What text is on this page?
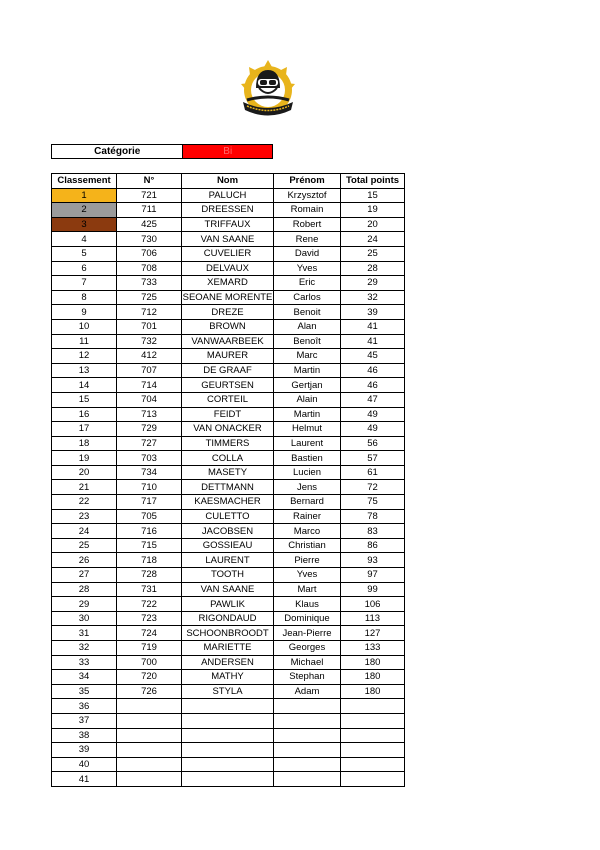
Catégorie	Bi
Classement	N°	Nom	Prénom	Total points
1	721	PALUCH	Krzysztof	15
2	711	DREESSEN	Romain	19
3	425	TRIFFAUX	Robert	20
4	730	VAN SAANE	Rene	24
5	706	CUVELIER	David	25
6	708	DELVAUX	Yves	28
7	733	XEMARD	Eric	29
8	725	SEOANE MORENTE	Carlos	32
9	712	DREZE	Benoit	39
10	701	BROWN	Alan	41
11	732	VANWAARBEEK	Benoît	41
12	412	MAURER	Marc	45
13	707	DE GRAAF	Martin	46
14	714	GEURTSEN	Gertjan	46
15	704	CORTEIL	Alain	47
16	713	FEIDT	Martin	49
17	729	VAN ONACKER	Helmut	49
18	727	TIMMERS	Laurent	56
19	703	COLLA	Bastien	57
20	734	MASETY	Lucien	61
21	710	DETTMANN	Jens	72
22	717	KAESMACHER	Bernard	75
23	705	CULETTO	Rainer	78
24	716	JACOBSEN	Marco	83
25	715	GOSSIEAU	Christian	86
26	718	LAURENT	Pierre	93
27	728	TOOTH	Yves	97
28	731	VAN SAANE	Mart	99
29	722	PAWLIK	Klaus	106
30	723	RIGONDAUD	Dominique	113
31	724	SCHOONBROODT	Jean-Pierre	127
32	719	MARIETTE	Georges	133
33	700	ANDERSEN	Michael	180
34	720	MATHY	Stephan	180
35	726	STYLA	Adam	180
36				
37				
38				
39				
40				
41				
